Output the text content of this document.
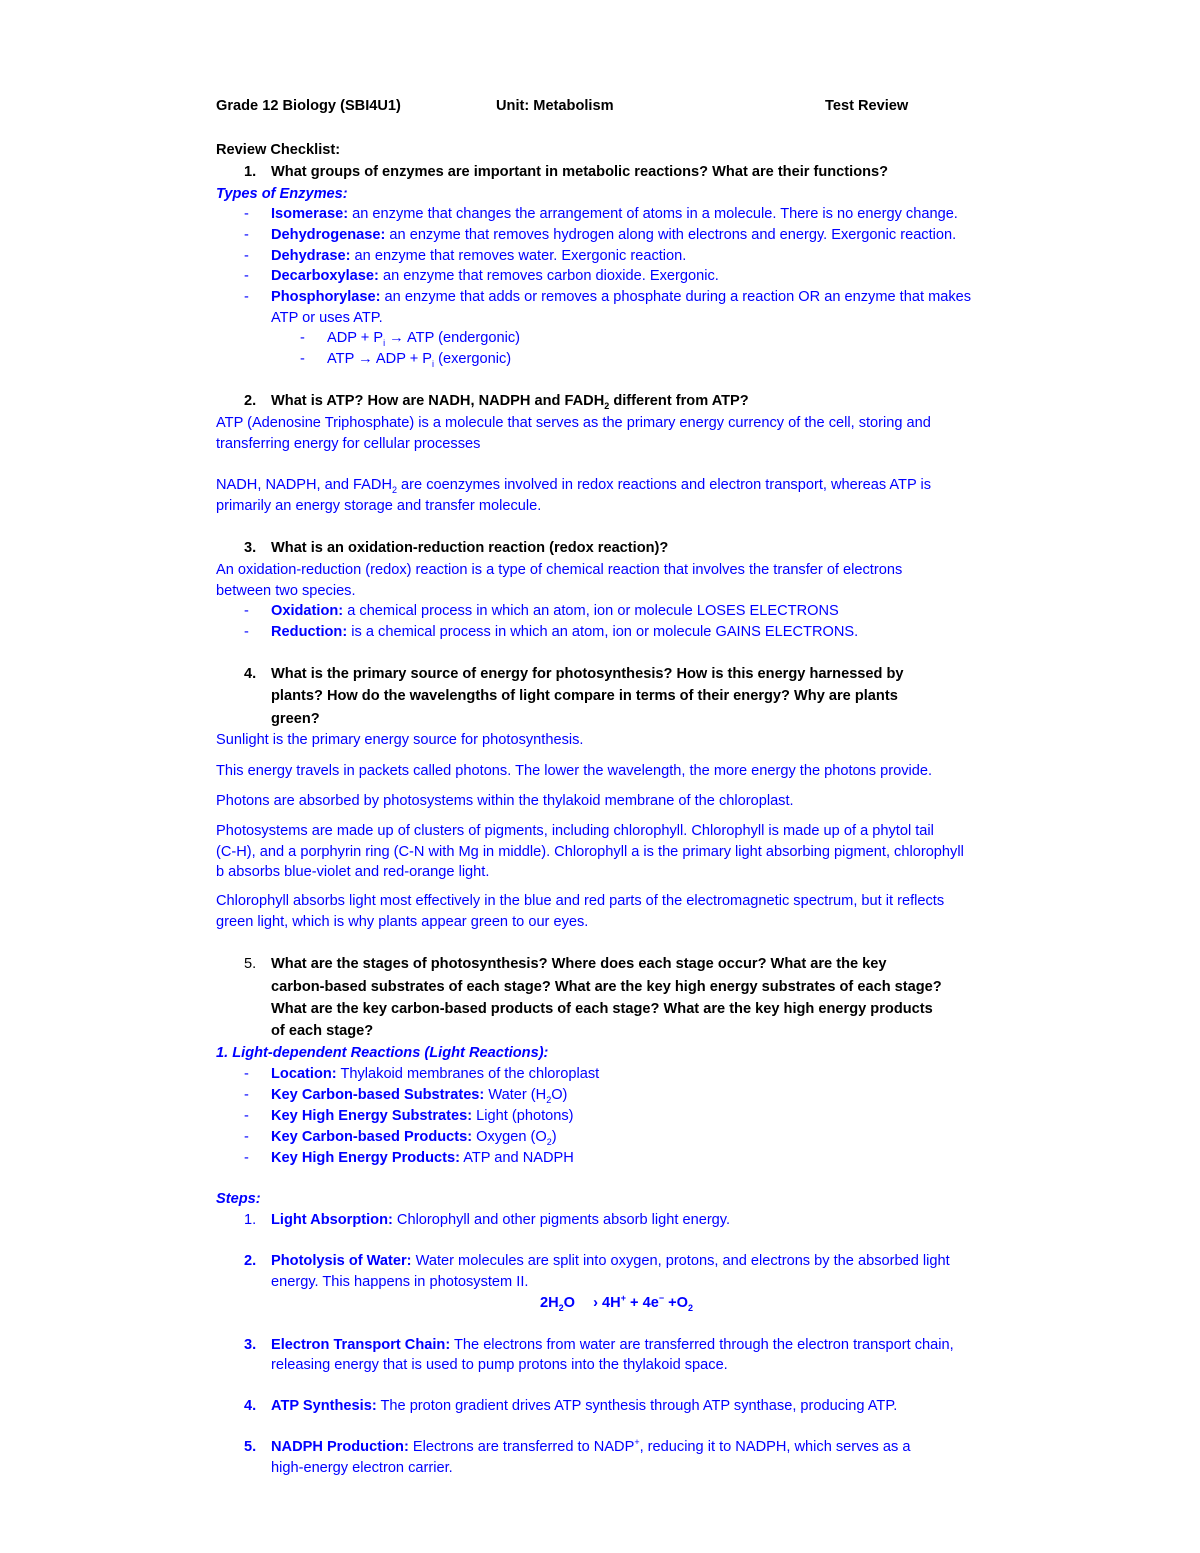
Grade 12 Biology (SBI4U1)	Unit: Metabolism	Test Review
Review Checklist:
1. What groups of enzymes are important in metabolic reactions? What are their functions?
Types of Enzymes:
- Isomerase: an enzyme that changes the arrangement of atoms in a molecule. There is no energy change.
- Dehydrogenase: an enzyme that removes hydrogen along with electrons and energy. Exergonic reaction.
- Dehydrase: an enzyme that removes water. Exergonic reaction.
- Decarboxylase: an enzyme that removes carbon dioxide. Exergonic.
- Phosphorylase: an enzyme that adds or removes a phosphate during a reaction OR an enzyme that makes
ATP or uses ATP.
- ADP + $P_i$ → ATP (endergonic)
- ATP → ADP + $P_i$ (exergonic)
2. What is ATP? How are NADH, NADPH and $FADH_2$ different from ATP?
ATP (Adenosine Triphosphate) is a molecule that serves as the primary energy currency of the cell, storing and
transferring energy for cellular processes
NADH, NADPH, and $FADH_2$ are coenzymes involved in redox reactions and electron transport, whereas ATP is
primarily an energy storage and transfer molecule.
3. What is an oxidation-reduction reaction (redox reaction)?
An oxidation-reduction (redox) reaction is a type of chemical reaction that involves the transfer of electrons
between two species.
- Oxidation: a chemical process in which an atom, ion or molecule LOSES ELECTRONS
- Reduction: is a chemical process in which an atom, ion or molecule GAINS ELECTRONS.
4. What is the primary source of energy for photosynthesis? How is this energy harnessed by
plants? How do the wavelengths of light compare in terms of their energy? Why are plants
green?
Sunlight is the primary energy source for photosynthesis.
This energy travels in packets called photons. The lower the wavelength, the more energy the photons provide.
Photons are absorbed by photosystems within the thylakoid membrane of the chloroplast.
Photosystems are made up of clusters of pigments, including chlorophyll. Chlorophyll is made up of a phytol tail
(C-H), and a porphyrin ring (C-N with Mg in middle). Chlorophyll a is the primary light absorbing pigment, chlorophyll
b absorbs blue-violet and red-orange light.
Chlorophyll absorbs light most effectively in the blue and red parts of the electromagnetic spectrum, but it reflects
green light, which is why plants appear green to our eyes.
5. What are the stages of photosynthesis? Where does each stage occur? What are the key
carbon-based substrates of each stage? What are the key high energy substrates of each stage?
What are the key carbon-based products of each stage? What are the key high energy products
of each stage?
1. Light-dependent Reactions (Light Reactions):
- Location: Thylakoid membranes of the chloroplast
- Key Carbon-based Substrates: Water $(H_2O)$
- Key High Energy Substrates: Light (photons)
- Key Carbon-based Products: Oxygen $(O_2)$
- Key High Energy Products: ATP and NADPH
Steps:
1. Light Absorption: Chlorophyll and other pigments absorb light energy.
2. Photolysis of Water: Water molecules are split into oxygen, protons, and electrons by the absorbed light
energy. This happens in photosystem II.
$2H_2O$ › $4H^+ + 4e^- +O_2$
3. Electron Transport Chain: The electrons from water are transferred through the electron transport chain,
releasing energy that is used to pump protons into the thylakoid space.
4. ATP Synthesis: The proton gradient drives ATP synthesis through ATP synthase, producing ATP.
5. NADPH Production: Electrons are transferred to NADP+, reducing it to NADPH, which serves as a
high-energy electron carrier.
